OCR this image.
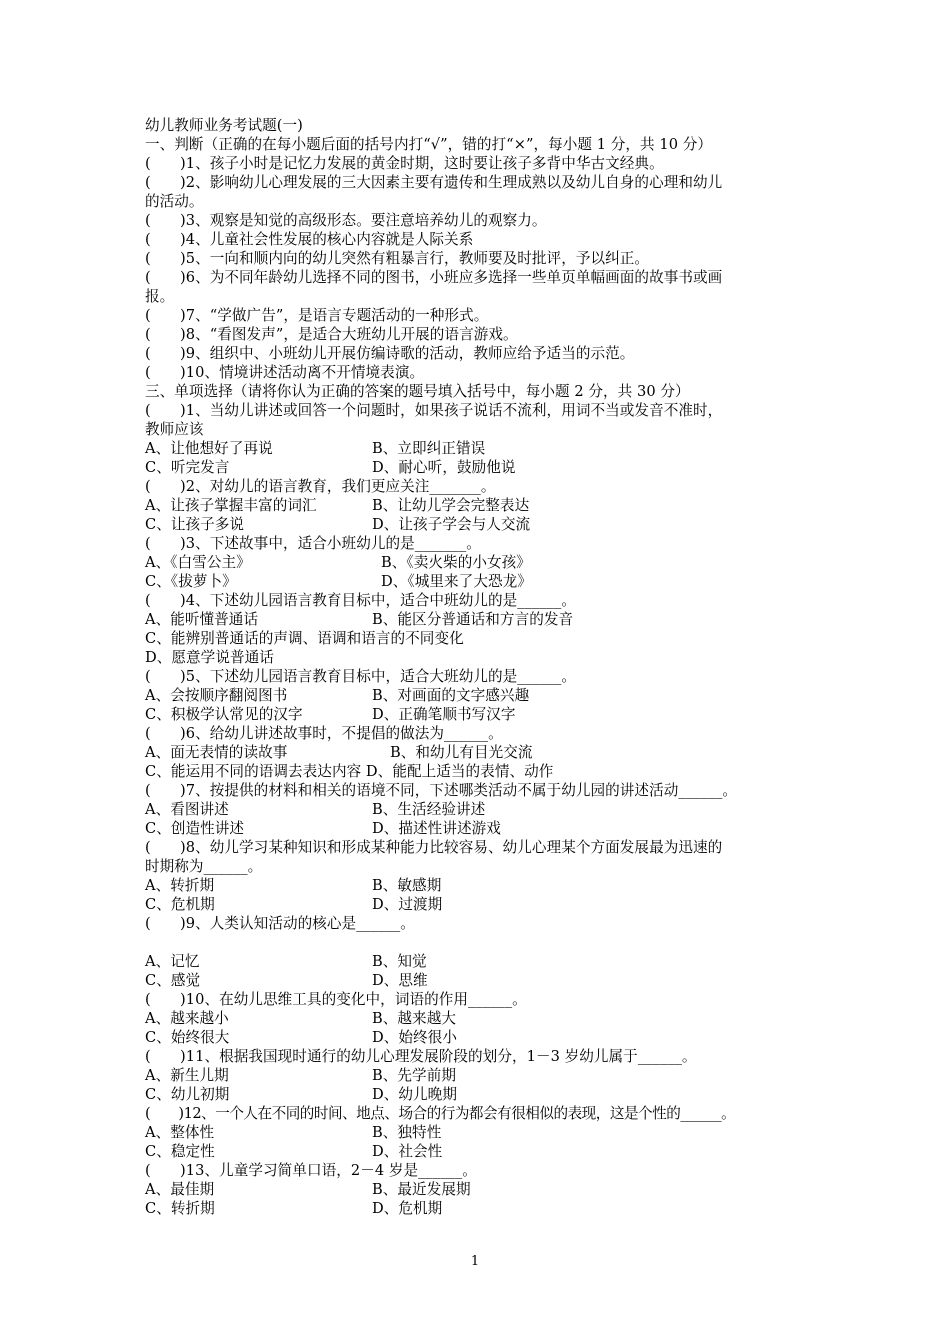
幼儿教师业务考试题(一)
一、判断（正确的在每小题后面的括号内打“√”，错的打“×”，每小题 1 分，共 10 分）
(　　)1、孩子小时是记忆力发展的黄金时期，这时要让孩子多背中华古文经典。
(　　)2、影响幼儿心理发展的三大因素主要有遗传和生理成熟以及幼儿自身的心理和幼儿
的活动。
(　　)3、观察是知觉的高级形态。要注意培养幼儿的观察力。
(　　)4、儿童社会性发展的核心内容就是人际关系
(　　)5、一向和顺内向的幼儿突然有粗暴言行，教师要及时批评，予以纠正。
(　　)6、为不同年龄幼儿选择不同的图书，小班应多选择一些单页单幅画面的故事书或画
报。
(　　)7、“学做广告”，是语言专题活动的一种形式。
(　　)8、“看图发声”，是适合大班幼儿开展的语言游戏。
(　　)9、组织中、小班幼儿开展仿编诗歌的活动，教师应给予适当的示范。
(　　)10、情境讲述活动离不开情境表演。
三、单项选择（请将你认为正确的答案的题号填入括号中，每小题 2 分，共 30 分）
(　　)1、当幼儿讲述或回答一个问题时，如果孩子说话不流利，用词不当或发音不准时，
教师应该
A、让他想好了再说	B、立即纠正错误
C、听完发言	D、耐心听，鼓励他说
(　　)2、对幼儿的语言教育，我们更应关注_______。
A、让孩子掌握丰富的词汇	B、让幼儿学会完整表达
C、让孩子多说	D、让孩子学会与人交流
(　　)3、下述故事中，适合小班幼儿的是_______。
A、《白雪公主》	B、《卖火柴的小女孩》
C、《拔萝卜》	D、《城里来了大恐龙》
(　　)4、下述幼儿园语言教育目标中，适合中班幼儿的是______。
A、能听懂普通话	B、能区分普通话和方言的发音
C、能辨别普通话的声调、语调和语言的不同变化
D、愿意学说普通话
(　　)5、下述幼儿园语言教育目标中，适合大班幼儿的是______。
A、会按顺序翻阅图书	B、对画面的文字感兴趣
C、积极学认常见的汉字	D、正确笔顺书写汉字
(　　)6、给幼儿讲述故事时，不提倡的做法为______。
A、面无表情的读故事	B、和幼儿有目光交流
C、能运用不同的语调去表达内容 D、能配上适当的表情、动作
(　　)7、按提供的材料和相关的语境不同，下述哪类活动不属于幼儿园的讲述活动______。
A、看图讲述	B、生活经验讲述
C、创造性讲述	D、描述性讲述游戏
(　　)8、幼儿学习某种知识和形成某种能力比较容易、幼儿心理某个方面发展最为迅速的
时期称为______。
A、转折期	B、敏感期
C、危机期	D、过渡期
(　　)9、人类认知活动的核心是______。
A、记忆	B、知觉
C、感觉	D、思维
(　　)10、在幼儿思维工具的变化中，词语的作用______。
A、越来越小	B、越来越大
C、始终很大	D、始终很小
(　　)11、根据我国现时通行的幼儿心理发展阶段的划分，1－3 岁幼儿属于______。
A、新生儿期	B、先学前期
C、幼儿初期	D、幼儿晚期
(　　)12、一个人在不同的时间、地点、场合的行为都会有很相似的表现，这是个性的______。
A、整体性	B、独特性
C、稳定性	D、社会性
(　　)13、儿童学习简单口语，2－4 岁是______。
A、最佳期	B、最近发展期
C、转折期	D、危机期
1
